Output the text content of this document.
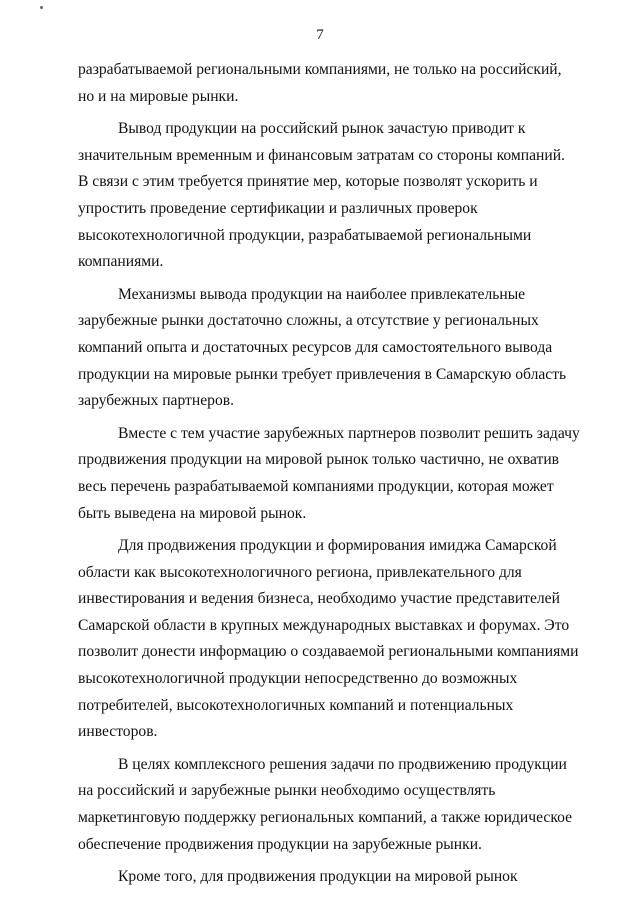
7
разрабатываемой региональными компаниями, не только на российский,
но и на мировые рынки.
Вывод продукции на российский рынок зачастую приводит к
значительным временным и финансовым затратам со стороны компаний.
В связи с этим требуется принятие мер, которые позволят ускорить и
упростить проведение сертификации и различных проверок
высокотехнологичной продукции, разрабатываемой региональными
компаниями.
Механизмы вывода продукции на наиболее привлекательные
зарубежные рынки достаточно сложны, а отсутствие у региональных
компаний опыта и достаточных ресурсов для самостоятельного вывода
продукции на мировые рынки требует привлечения в Самарскую область
зарубежных партнеров.
Вместе с тем участие зарубежных партнеров позволит решить задачу
продвижения продукции на мировой рынок только частично, не охватив
весь перечень разрабатываемой компаниями продукции, которая может
быть выведена на мировой рынок.
Для продвижения продукции и формирования имиджа Самарской
области как высокотехнологичного региона, привлекательного для
инвестирования и ведения бизнеса, необходимо участие представителей
Самарской области в крупных международных выставках и форумах. Это
позволит донести информацию о создаваемой региональными компаниями
высокотехнологичной продукции непосредственно до возможных
потребителей, высокотехнологичных компаний и потенциальных
инвесторов.
В целях комплексного решения задачи по продвижению продукции
на российский и зарубежные рынки необходимо осуществлять
маркетинговую поддержку региональных компаний, а также юридическое
обеспечение продвижения продукции на зарубежные рынки.
Кроме того, для продвижения продукции на мировой рынок
